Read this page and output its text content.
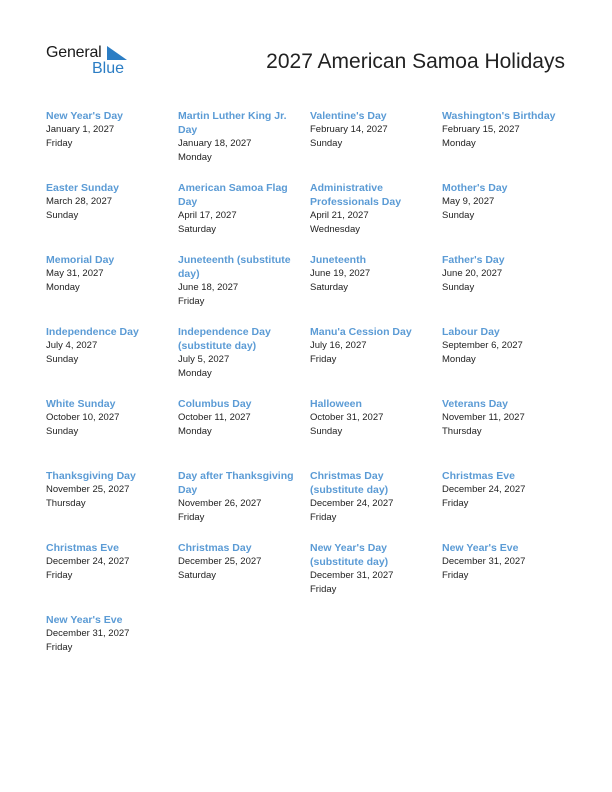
General
Blue	2027 American Samoa Holidays
New Year's Day
January 1, 2027
Friday
Martin Luther King Jr. Day
January 18, 2027
Monday
Valentine's Day
February 14, 2027
Sunday
Washington's Birthday
February 15, 2027
Monday
Easter Sunday
March 28, 2027
Sunday
American Samoa Flag Day
April 17, 2027
Saturday
Administrative Professionals Day
April 21, 2027
Wednesday
Mother's Day
May 9, 2027
Sunday
Memorial Day
May 31, 2027
Monday
Juneteenth (substitute day)
June 18, 2027
Friday
Juneteenth
June 19, 2027
Saturday
Father's Day
June 20, 2027
Sunday
Independence Day
July 4, 2027
Sunday
Independence Day (substitute day)
July 5, 2027
Monday
Manu'a Cession Day
July 16, 2027
Friday
Labour Day
September 6, 2027
Monday
White Sunday
October 10, 2027
Sunday
Columbus Day
October 11, 2027
Monday
Halloween
October 31, 2027
Sunday
Veterans Day
November 11, 2027
Thursday
Thanksgiving Day
November 25, 2027
Thursday
Day after Thanksgiving Day
November 26, 2027
Friday
Christmas Day (substitute day)
December 24, 2027
Friday
Christmas Eve
December 24, 2027
Friday
Christmas Eve
December 24, 2027
Friday
Christmas Day
December 25, 2027
Saturday
New Year's Day (substitute day)
December 31, 2027
Friday
New Year's Eve
December 31, 2027
Friday
New Year's Eve
December 31, 2027
Friday
